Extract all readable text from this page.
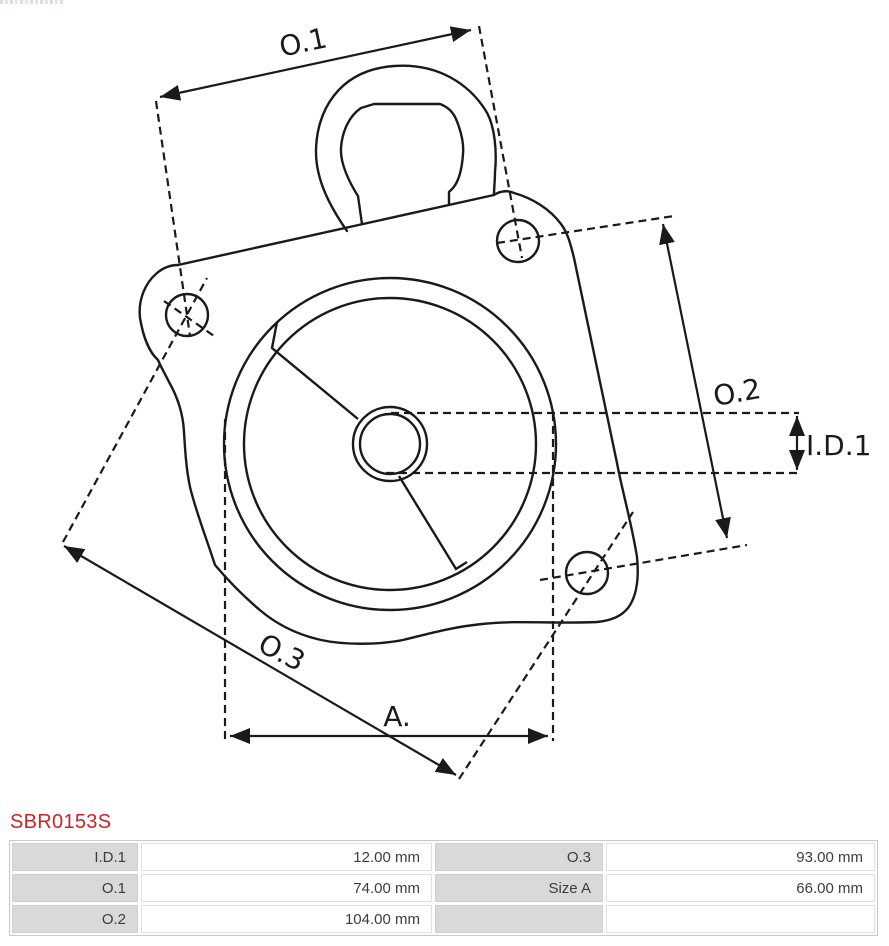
O.1
O.2
O.3
A.
I.D.1
SBR0153S
I.D.1	12.00 mm	O.3	93.00 mm
O.1	74.00 mm	Size A	66.00 mm
O.2	104.00 mm
